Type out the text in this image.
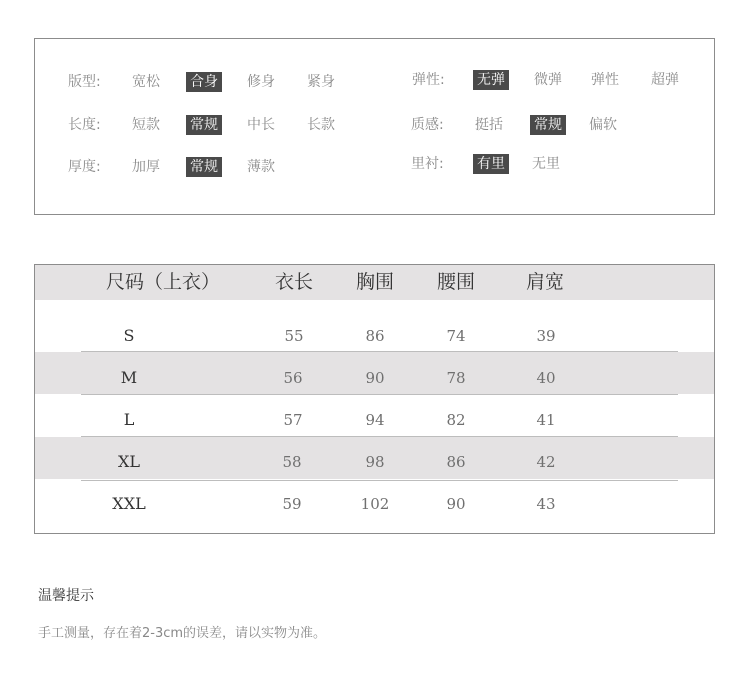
版型: 宽松 合身 修身 紧身	弹性: 无弹 微弹 弹性 超弹
长度: 短款 常规 中长 长款	质感: 挺括 常规 偏软
厚度: 加厚 常规 薄款	里衬: 有里 无里
尺码（上衣）	衣长 胸围 腰围	肩宽
S	55	86	74	39
M	56	90	78	40
L	57	94	82	41
XL	58	98	86	42
XXL	59	102	90	43
温馨提示
手工测量，存在着2-3cm的误差，请以实物为准。
